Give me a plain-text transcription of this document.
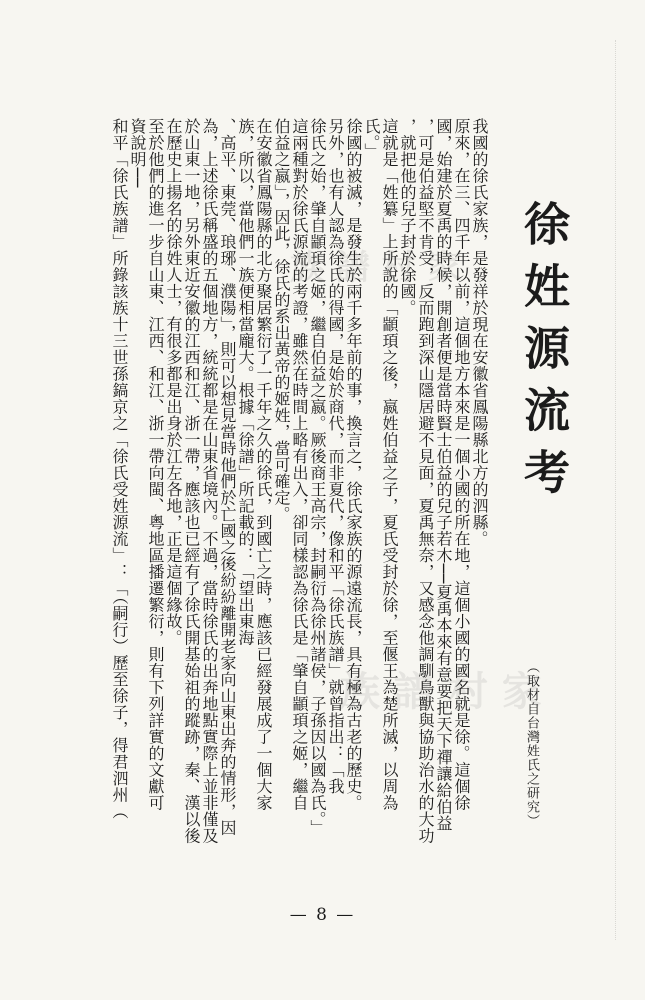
族 譜 村 家
族 譜 村 家
徐姓源流考
（取材自台灣姓氏之研究）
我國的徐氏家族，是發祥於現在安徽省鳳陽縣北方的泗縣。
原來，在三、四千年以前，這個地方本來是一個小國的所在地，這個小國的國名就是徐。這個徐
國，始建於夏禹的時候，開創者便是當時賢士伯益的兒子若木──夏禹本來有意要把天下禪讓給伯益
，可是伯益堅不肯受，反而跑到深山隱居避不見面，夏禹無奈，又感念他調馴鳥獸與協助治水的大功
，就把他的兒子封於徐國。
這就是「姓纂」上所說的「顓頊之後，嬴姓伯益之子，夏氏受封於徐，至偃王為楚所滅，以周為
氏。」
徐國的被滅，是發生於兩千多年前的事，換言之，徐氏家族的源遠流長，具有極為古老的歷史。
另外，也有人認為徐氏的得國，是始於商代，而非夏代，像和平「徐氏族譜」就曾指出：「我
徐氏之始，肇自顓頊之姬，繼自伯益之嬴。厥後商王高宗，封嗣衍為徐州諸侯，子孫因以國為氏。」
這兩種對於徐氏源流的考證，雖然在時間上略有出入，卻同樣認為徐氏是「肇自顓頊之姬，繼自
伯益之嬴」，因此，徐氏的系出黃帝的姬姓，當可確定。
在安徽省鳳陽縣的北方聚居繁衍了一千年之久的徐氏，到國亡之時，應該已經發展成了一個大家
族，所以，當他們一族便相當龐大。根據「徐譜」所記載的：「望出東海
、高平、東莞、琅琊、濮陽」，則可以想見當時他們於亡國之後紛紛離開老家向山東出奔的情形，因
為，上述徐氏稱盛的五個地方，統統都是在山東省境內。不過，當時徐氏的出奔地點實際上並非僅及
於山東一地，另外東近安徽的江西和江、浙一帶，應該也已經有了徐氏開基始祖的蹤跡，秦、漢以後
在歷史上揚名的徐姓人士，有很多都是出身於江左各地，正是這個緣故。
至於他們的進一步自山東、江西、和江、浙一帶向閩、粵地區播遷繁衍，則有下列詳實的文獻可
資說明──
和平「徐氏族譜」所錄該族十三世孫鎬京之「徐氏受姓源流」：「（嗣行）歷至徐子，得君泗州（
— 8 —
